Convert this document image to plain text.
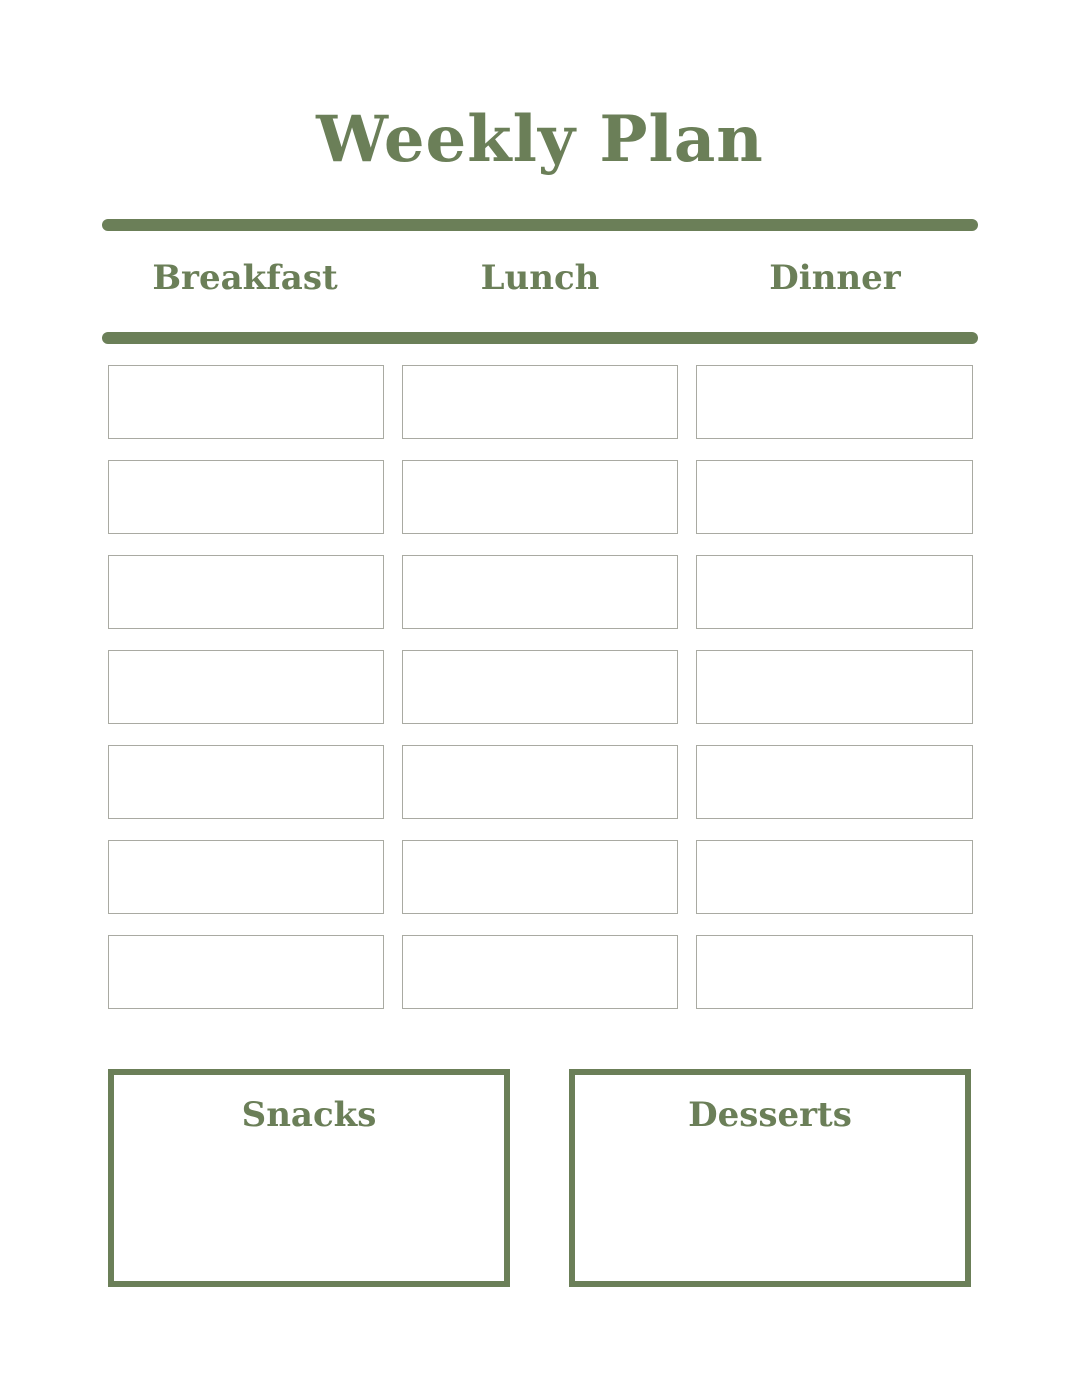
Weekly Plan
Breakfast	Lunch	Dinner
Snacks	Desserts
